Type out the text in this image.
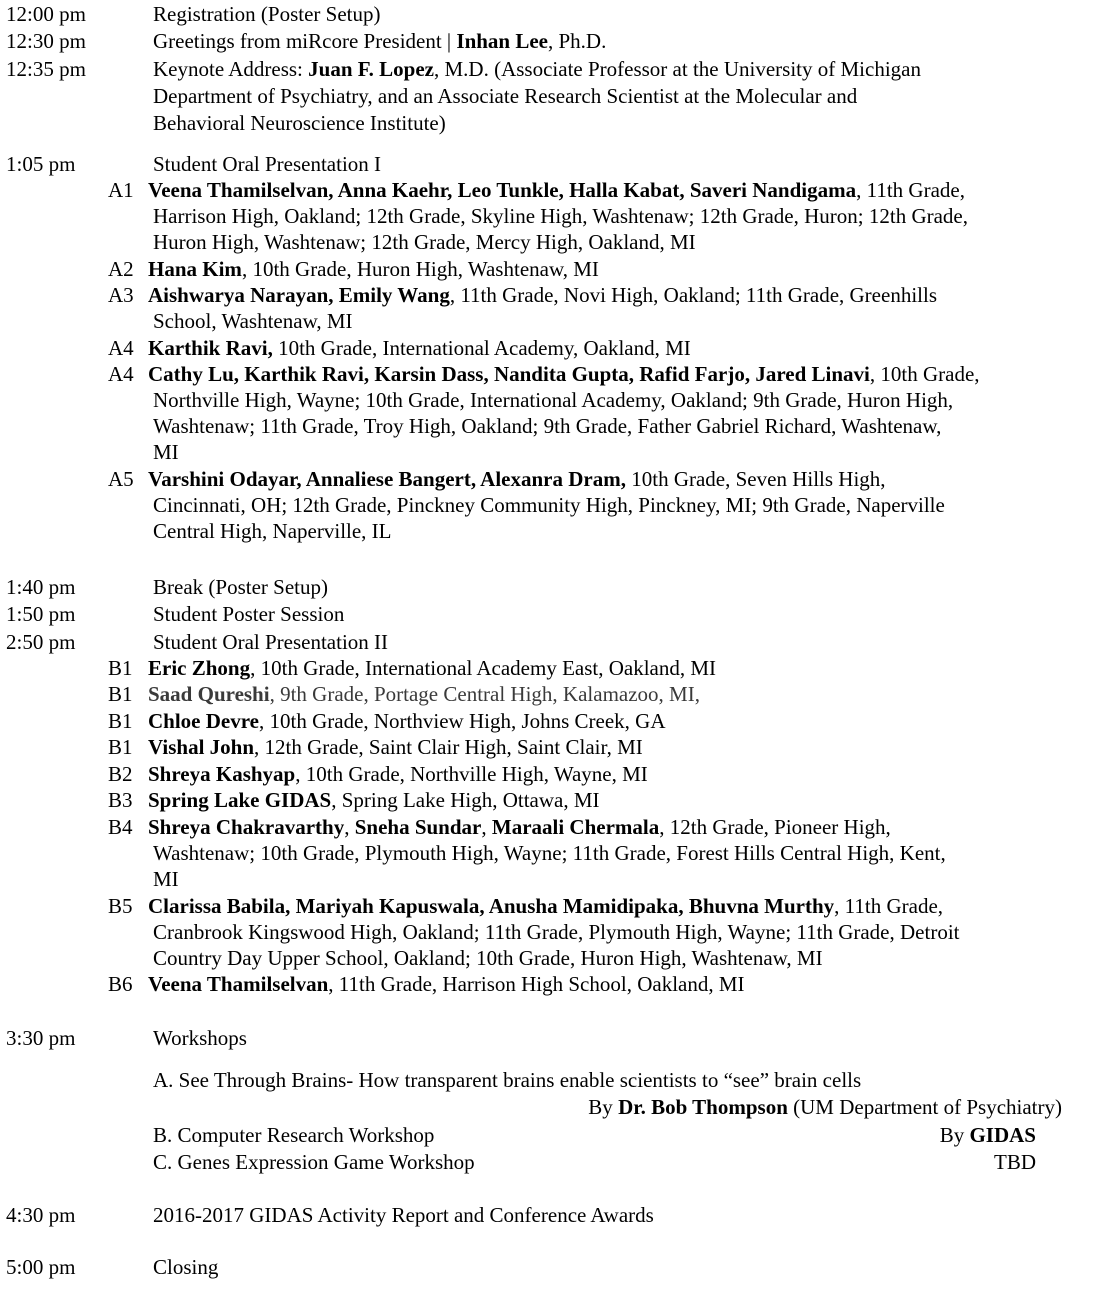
12:00 pm	Registration (Poster Setup)
12:30 pm	Greetings from miRcore President | Inhan Lee, Ph.D.
12:35 pm	Keynote Address: Juan F. Lopez, M.D. (Associate Professor at the University of Michigan
Department of Psychiatry, and an Associate Research Scientist at the Molecular and
Behavioral Neuroscience Institute)
1:05 pm	Student Oral Presentation I
A1 Veena Thamilselvan, Anna Kaehr, Leo Tunkle, Halla Kabat, Saveri Nandigama, 11th Grade,
Harrison High, Oakland; 12th Grade, Skyline High, Washtenaw; 12th Grade, Huron; 12th Grade,
Huron High, Washtenaw; 12th Grade, Mercy High, Oakland, MI
A2 Hana Kim, 10th Grade, Huron High, Washtenaw, MI
A3 Aishwarya Narayan, Emily Wang, 11th Grade, Novi High, Oakland; 11th Grade, Greenhills
School, Washtenaw, MI
A4 Karthik Ravi, 10th Grade, International Academy, Oakland, MI
A4 Cathy Lu, Karthik Ravi, Karsin Dass, Nandita Gupta, Rafid Farjo, Jared Linavi, 10th Grade,
Northville High, Wayne; 10th Grade, International Academy, Oakland; 9th Grade, Huron High,
Washtenaw; 11th Grade, Troy High, Oakland; 9th Grade, Father Gabriel Richard, Washtenaw,
MI
A5 Varshini Odayar, Annaliese Bangert, Alexanra Dram, 10th Grade, Seven Hills High,
Cincinnati, OH; 12th Grade, Pinckney Community High, Pinckney, MI; 9th Grade, Naperville
Central High, Naperville, IL
1:40 pm	Break (Poster Setup)
1:50 pm	Student Poster Session
2:50 pm	Student Oral Presentation II
B1 Eric Zhong, 10th Grade, International Academy East, Oakland, MI
B1 Saad Qureshi, 9th Grade, Portage Central High, Kalamazoo, MI,
B1 Chloe Devre, 10th Grade, Northview High, Johns Creek, GA
B1 Vishal John, 12th Grade, Saint Clair High, Saint Clair, MI
B2 Shreya Kashyap, 10th Grade, Northville High, Wayne, MI
B3 Spring Lake GIDAS, Spring Lake High, Ottawa, MI
B4 Shreya Chakravarthy, Sneha Sundar, Maraali Chermala, 12th Grade, Pioneer High,
Washtenaw; 10th Grade, Plymouth High, Wayne; 11th Grade, Forest Hills Central High, Kent,
MI
B5 Clarissa Babila, Mariyah Kapuswala, Anusha Mamidipaka, Bhuvna Murthy, 11th Grade,
Cranbrook Kingswood High, Oakland; 11th Grade, Plymouth High, Wayne; 11th Grade, Detroit
Country Day Upper School, Oakland; 10th Grade, Huron High, Washtenaw, MI
B6 Veena Thamilselvan, 11th Grade, Harrison High School, Oakland, MI
3:30 pm	Workshops
A. See Through Brains- How transparent brains enable scientists to “see” brain cells
By Dr. Bob Thompson (UM Department of Psychiatry)
B. Computer Research Workshop	By GIDAS
C. Genes Expression Game Workshop	TBD
4:30 pm	2016-2017 GIDAS Activity Report and Conference Awards
5:00 pm	Closing
